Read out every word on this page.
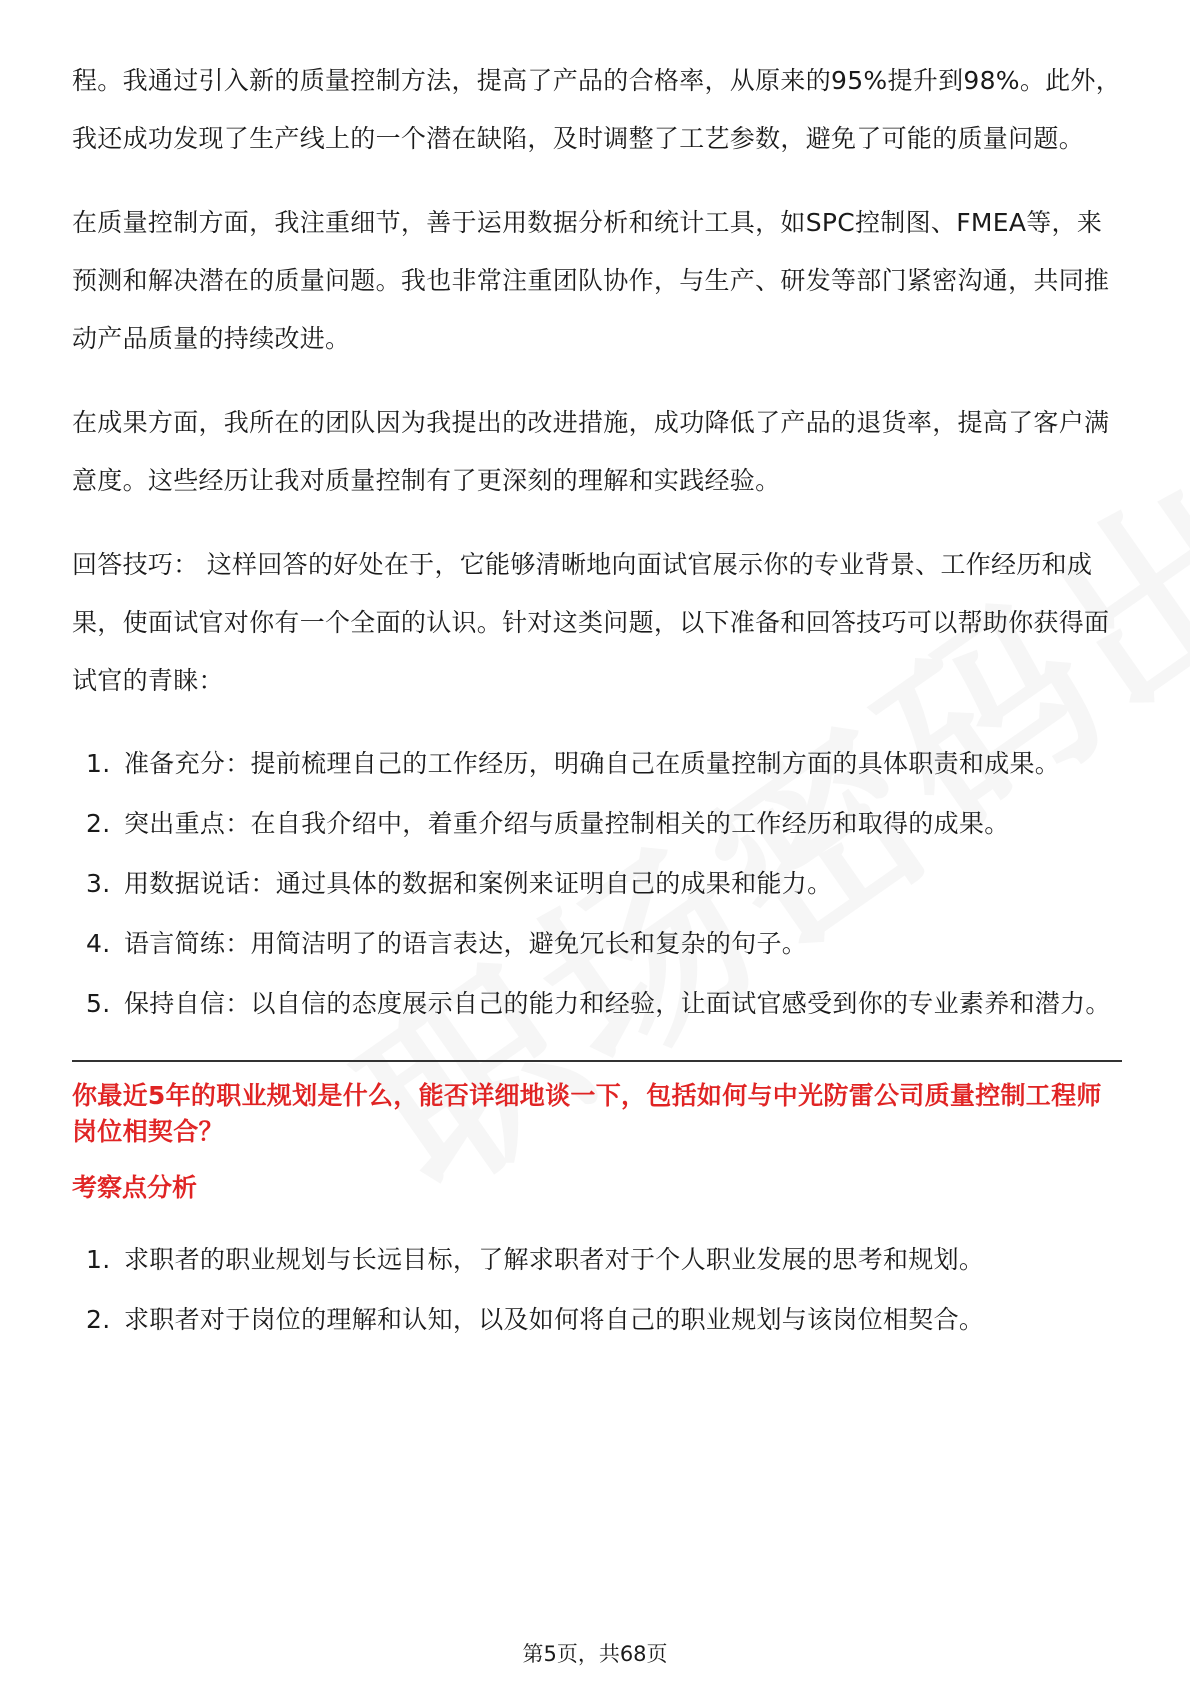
程。我通过引入新的质量控制方法，提高了产品的合格率，从原来的95%提升到98%。此外，我还成功发现了生产线上的一个潜在缺陷，及时调整了工艺参数，避免了可能的质量问题。

在质量控制方面，我注重细节，善于运用数据分析和统计工具，如SPC控制图、FMEA等，来预测和解决潜在的质量问题。我也非常注重团队协作，与生产、研发等部门紧密沟通，共同推动产品质量的持续改进。

在成果方面，我所在的团队因为我提出的改进措施，成功降低了产品的退货率，提高了客户满意度。这些经历让我对质量控制有了更深刻的理解和实践经验。

回答技巧： 这样回答的好处在于，它能够清晰地向面试官展示你的专业背景、工作经历和成果，使面试官对你有一个全面的认识。针对这类问题，以下准备和回答技巧可以帮助你获得面试官的青睐：

1. 准备充分：提前梳理自己的工作经历，明确自己在质量控制方面的具体职责和成果。
2. 突出重点：在自我介绍中，着重介绍与质量控制相关的工作经历和取得的成果。
3. 用数据说话：通过具体的数据和案例来证明自己的成果和能力。
4. 语言简练：用简洁明了的语言表达，避免冗长和复杂的句子。
5. 保持自信：以自信的态度展示自己的能力和经验，让面试官感受到你的专业素养和潜力。

你最近5年的职业规划是什么，能否详细地谈一下，包括如何与中光防雷公司质量控制工程师岗位相契合？

考察点分析

1. 求职者的职业规划与长远目标，了解求职者对于个人职业发展的思考和规划。
2. 求职者对于岗位的理解和认知，以及如何将自己的职业规划与该岗位相契合。
第5页，共68页
